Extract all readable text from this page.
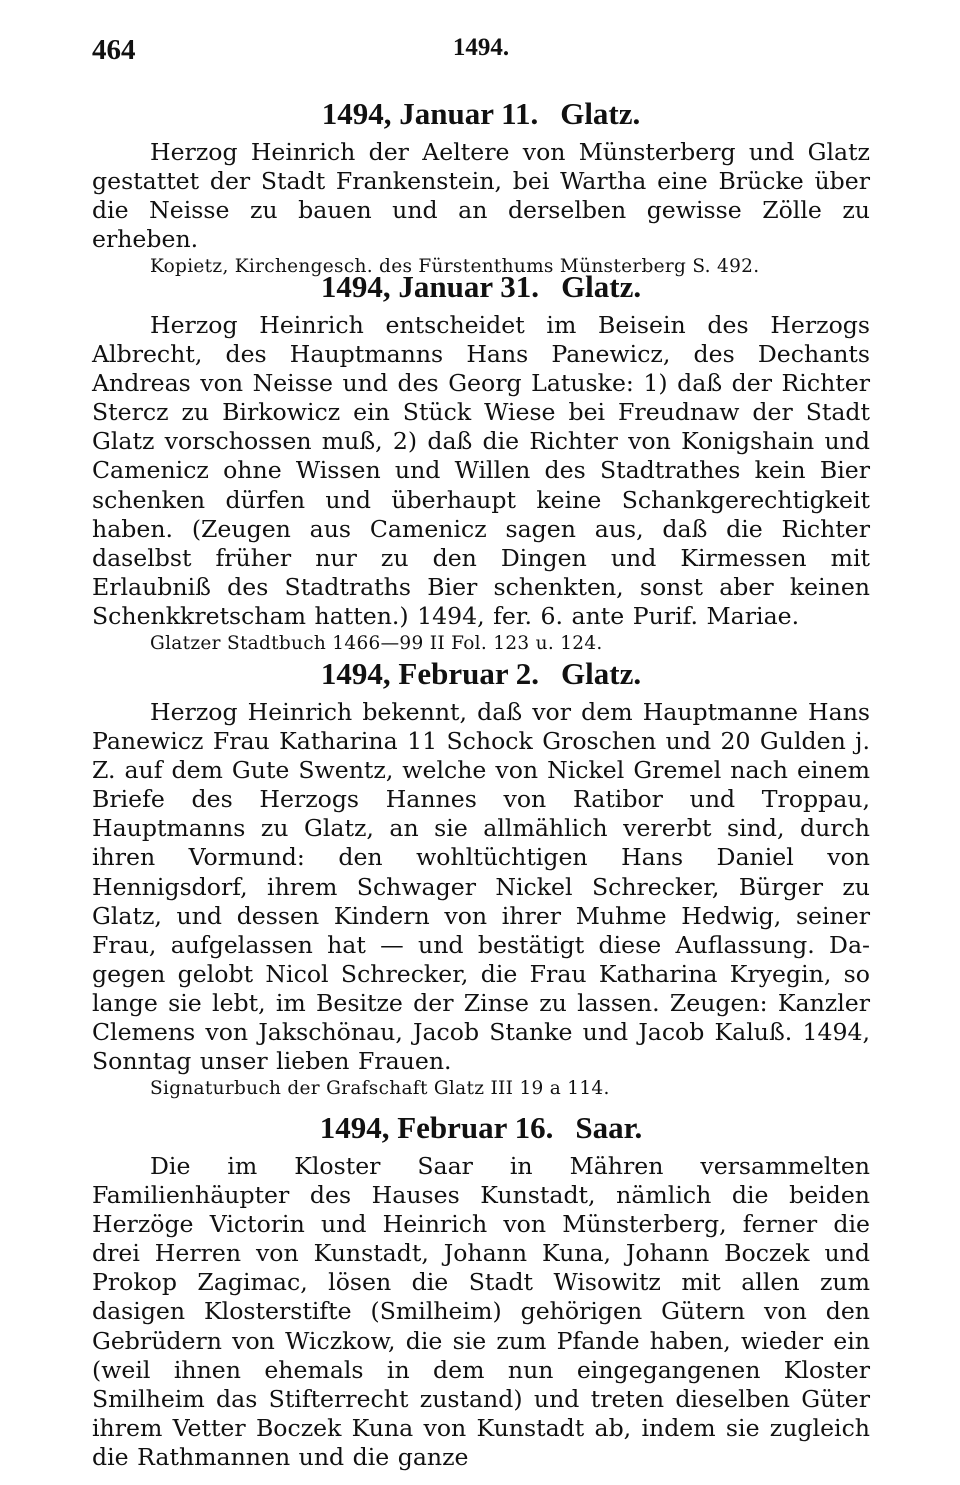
464	1494.
1494, Januar 11. Glatz.

Herzog Heinrich der Aeltere von Münsterberg und Glatz gestattet der Stadt Frankenstein, bei Wartha eine Brücke über die Neisse zu bauen und an derselben gewisse Zölle zu erheben.

Kopietz, Kirchengesch. des Fürstenthums Münsterberg S. 492.

1494, Januar 31. Glatz.

Herzog Heinrich entscheidet im Beisein des Herzogs Albrecht, des Hauptmanns Hans Panewicz, des Dechants Andreas von Neisse und des Georg Latuske: 1) daß der Richter Stercz zu Birkowicz ein Stück Wiese bei Freudnaw der Stadt Glatz vorschossen muß, 2) daß die Richter von Konigshain und Camenicz ohne Wissen und Willen des Stadtrathes kein Bier schenken dürfen und überhaupt keine Schankgerechtigkeit haben. (Zeugen aus Camenicz sagen aus, daß die Richter daselbst früher nur zu den Dingen und Kirmessen mit Erlaubniß des Stadtraths Bier schenkten, sonst aber keinen Schenkkretscham hatten.) 1494, fer. 6. ante Purif. Mariae.

Glatzer Stadtbuch 1466—99 II Fol. 123 u. 124.

1494, Februar 2. Glatz.

Herzog Heinrich bekennt, daß vor dem Hauptmanne Hans Panewicz Frau Katharina 11 Schock Groschen und 20 Gulden j. Z. auf dem Gute Swentz, welche von Nickel Gremel nach einem Briefe des Herzogs Hannes von Ratibor und Troppau, Hauptmanns zu Glatz, an sie allmählich vererbt sind, durch ihren Vormund: den wohltüchtigen Hans Daniel von Hennigsdorf, ihrem Schwager Nickel Schrecker, Bürger zu Glatz, und dessen Kindern von ihrer Muhme Hedwig, seiner Frau, aufgelassen hat — und bestätigt diese Auflassung. Dagegen gelobt Nicol Schrecker, die Frau Katharina Kryegin, so lange sie lebt, im Besitze der Zinse zu lassen. Zeugen: Kanzler Clemens von Jakschönau, Jacob Stanke und Jacob Kaluß. 1494, Sonntag unser lieben Frauen.

Signaturbuch der Grafschaft Glatz III 19 a 114.

1494, Februar 16. Saar.

Die im Kloster Saar in Mähren versammelten Familienhäupter des Hauses Kunstadt, nämlich die beiden Herzöge Victorin und Heinrich von Münsterberg, ferner die drei Herren von Kunstadt, Johann Kuna, Johann Boczek und Prokop Zagimac, lösen die Stadt Wisowitz mit allen zum dasigen Klosterstifte (Smilheim) gehörigen Gütern von den Gebrüdern von Wiczkow, die sie zum Pfande haben, wieder ein (weil ihnen ehemals in dem nun eingegangenen Kloster Smilheim das Stifterrecht zustand) und treten dieselben Güter ihrem Vetter Boczek Kuna von Kunstadt ab, indem sie zugleich die Rathmannen und die ganze
